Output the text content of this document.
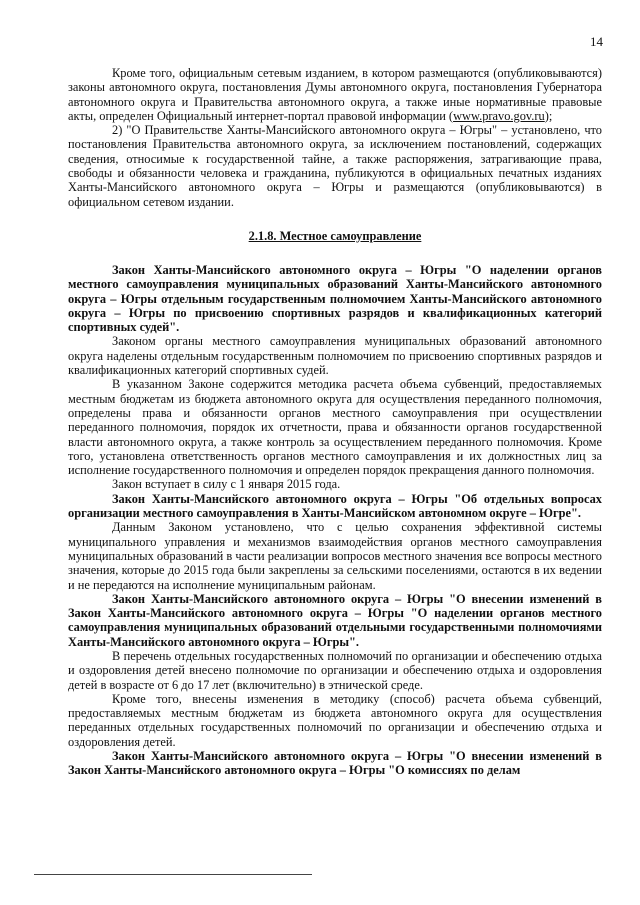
14

Кроме того, официальным сетевым изданием, в котором размещаются (опубликовываются) законы автономного округа, постановления Думы автономного округа, постановления Губернатора автономного округа и Правительства автономного округа, а также иные нормативные правовые акты, определен Официальный интернет-портал правовой информации (www.pravo.gov.ru);

2) "О Правительстве Ханты-Мансийского автономного округа – Югры" – установлено, что постановления Правительства автономного округа, за исключением постановлений, содержащих сведения, относимые к государственной тайне, а также распоряжения, затрагивающие права, свободы и обязанности человека и гражданина, публикуются в официальных печатных изданиях Ханты-Мансийского автономного округа – Югры и размещаются (опубликовываются) в официальном сетевом издании.

2.1.8. Местное самоуправление

Закон Ханты-Мансийского автономного округа – Югры "О наделении органов местного самоуправления муниципальных образований Ханты-Мансийского автономного округа – Югры отдельным государственным полномочием Ханты-Мансийского автономного округа – Югры по присвоению спортивных разрядов и квалификационных категорий спортивных судей".

Законом органы местного самоуправления муниципальных образований автономного округа наделены отдельным государственным полномочием по присвоению спортивных разрядов и квалификационных категорий спортивных судей.

В указанном Законе содержится методика расчета объема субвенций, предоставляемых местным бюджетам из бюджета автономного округа для осуществления переданного полномочия, определены права и обязанности органов местного самоуправления при осуществлении переданного полномочия, порядок их отчетности, права и обязанности органов государственной власти автономного округа, а также контроль за осуществлением переданного полномочия. Кроме того, установлена ответственность органов местного самоуправления и их должностных лиц за исполнение государственного полномочия и определен порядок прекращения данного полномочия.

Закон вступает в силу с 1 января 2015 года.

Закон Ханты-Мансийского автономного округа – Югры "Об отдельных вопросах организации местного самоуправления в Ханты-Мансийском автономном округе – Югре".

Данным Законом установлено, что с целью сохранения эффективной системы муниципального управления и механизмов взаимодействия органов местного самоуправления муниципальных образований в части реализации вопросов местного значения все вопросы местного значения, которые до 2015 года были закреплены за сельскими поселениями, остаются в их ведении и не передаются на исполнение муниципальным районам.

Закон Ханты-Мансийского автономного округа – Югры "О внесении изменений в Закон Ханты-Мансийского автономного округа – Югры "О наделении органов местного самоуправления муниципальных образований отдельными государственными полномочиями Ханты-Мансийского автономного округа – Югры".

В перечень отдельных государственных полномочий по организации и обеспечению отдыха и оздоровления детей внесено полномочие по организации и обеспечению отдыха и оздоровления детей в возрасте от 6 до 17 лет (включительно) в этнической среде.

Кроме того, внесены изменения в методику (способ) расчета объема субвенций, предоставляемых местным бюджетам из бюджета автономного округа для осуществления переданных отдельных государственных полномочий по организации и обеспечению отдыха и оздоровления детей.

Закон Ханты-Мансийского автономного округа – Югры "О внесении изменений в Закон Ханты-Мансийского автономного округа – Югры "О комиссиях по делам
